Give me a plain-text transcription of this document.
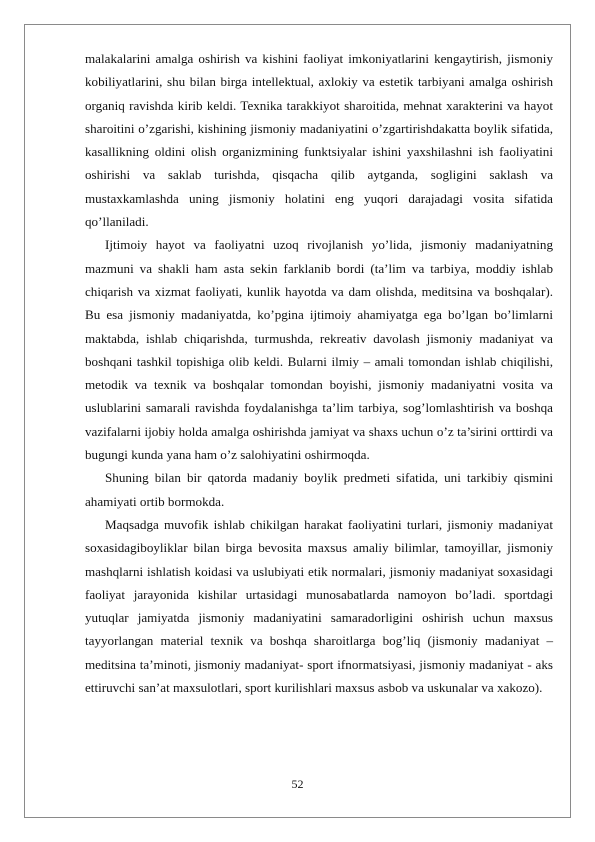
malakalarini amalga oshirish va kishini faoliyat imkoniyatlarini kengaytirish, jismoniy kobiliyatlarini, shu bilan birga intellektual, axlokiy va estetik tarbiyani amalga oshirish organiq ravishda kirib keldi. Texnika tarakkiyot sharoitida, mehnat xarakterini va hayot sharoitini o’zgarishi, kishining jismoniy madaniyatini o’zgartirishdakatta boylik sifatida, kasallikning oldini olish organizmining funktsiyalar ishini yaxshilashni ish faoliyatini oshirishi va saklab turishda, qisqacha qilib aytganda, sogligini saklash va mustaxkamlashda uning jismoniy holatini eng yuqori darajadagi vosita sifatida qo’llaniladi.

Ijtimoiy hayot va faoliyatni uzoq rivojlanish yo’lida, jismoniy madaniyatning mazmuni va shakli ham asta sekin farklanib bordi (ta’lim va tarbiya, moddiy ishlab chiqarish va xizmat faoliyati, kunlik hayotda va dam olishda, meditsina va boshqalar). Bu esa jismoniy madaniyatda, ko’pgina ijtimoiy ahamiyatga ega bo’lgan bo’limlarni maktabda, ishlab chiqarishda, turmushda, rekreativ davolash jismoniy madaniyat va boshqani tashkil topishiga olib keldi. Bularni ilmiy – amali tomondan ishlab chiqilishi, metodik va texnik va boshqalar tomondan boyishi, jismoniy madaniyatni vosita va uslublarini samarali ravishda foydalanishga ta’lim tarbiya, sog’lomlashtirish va boshqa vazifalarni ijobiy holda amalga oshirishda jamiyat va shaxs uchun o’z ta’sirini orttirdi va bugungi kunda yana ham o’z salohiyatini oshirmoqda.

Shuning bilan bir qatorda madaniy boylik predmeti sifatida, uni tarkibiy qismini ahamiyati ortib bormokda.

Maqsadga muvofik ishlab chikilgan harakat faoliyatini turlari, jismoniy madaniyat soxasidagiboyliklar bilan birga bevosita maxsus amaliy bilimlar, tamoyillar, jismoniy mashqlarni ishlatish koidasi va uslubiyati etik normalari, jismoniy madaniyat soxasidagi faoliyat jarayonida kishilar urtasidagi munosabatlarda namoyon bo’ladi. sportdagi yutuqlar jamiyatda jismoniy madaniyatini samaradorligini oshirish uchun maxsus tayyorlangan material texnik va boshqa sharoitlarga bog’liq (jismoniy madaniyat – meditsina ta’minoti, jismoniy madaniyat- sport ifnormatsiyasi, jismoniy madaniyat - aks ettiruvchi san’at maxsulotlari, sport kurilishlari maxsus asbob va uskunalar va xakozo).

52
